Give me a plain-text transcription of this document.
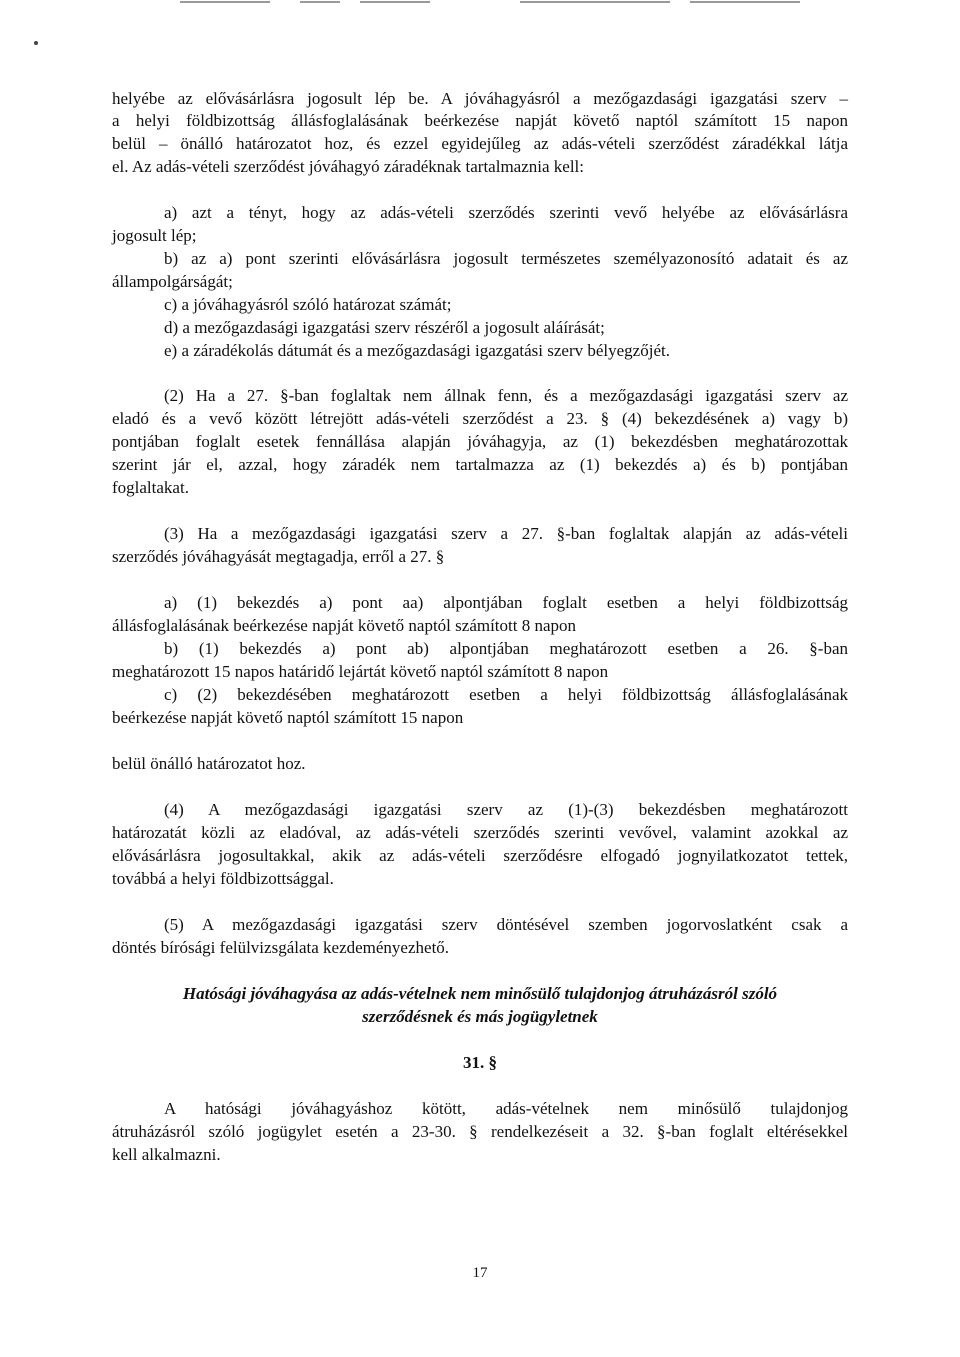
helyébe az elővásárlásra jogosult lép be. A jóváhagyásról a mezőgazdasági igazgatási szerv –
a helyi földbizottság állásfoglalásának beérkezése napját követő naptól számított 15 napon
belül – önálló határozatot hoz, és ezzel egyidejűleg az adás-vételi szerződést záradékkal látja
el. Az adás-vételi szerződést jóváhagyó záradéknak tartalmaznia kell:
a) azt a tényt, hogy az adás-vételi szerződés szerinti vevő helyébe az elővásárlásra
jogosult lép;
b) az a) pont szerinti elővásárlásra jogosult természetes személyazonosító adatait és az
állampolgárságát;
c) a jóváhagyásról szóló határozat számát;
d) a mezőgazdasági igazgatási szerv részéről a jogosult aláírását;
e) a záradékolás dátumát és a mezőgazdasági igazgatási szerv bélyegzőjét.
(2) Ha a 27. §-ban foglaltak nem állnak fenn, és a mezőgazdasági igazgatási szerv az
eladó és a vevő között létrejött adás-vételi szerződést a 23. § (4) bekezdésének a) vagy b)
pontjában foglalt esetek fennállása alapján jóváhagyja, az (1) bekezdésben meghatározottak
szerint jár el, azzal, hogy záradék nem tartalmazza az (1) bekezdés a) és b) pontjában
foglaltakat.
(3) Ha a mezőgazdasági igazgatási szerv a 27. §-ban foglaltak alapján az adás-vételi
szerződés jóváhagyását megtagadja, erről a 27. §
a) (1) bekezdés a) pont aa) alpontjában foglalt esetben a helyi földbizottság
állásfoglalásának beérkezése napját követő naptól számított 8 napon
b) (1) bekezdés a) pont ab) alpontjában meghatározott esetben a 26. §-ban
meghatározott 15 napos határidő lejártát követő naptól számított 8 napon
c) (2) bekezdésében meghatározott esetben a helyi földbizottság állásfoglalásának
beérkezése napját követő naptól számított 15 napon
belül önálló határozatot hoz.
(4) A mezőgazdasági igazgatási szerv az (1)-(3) bekezdésben meghatározott
határozatát közli az eladóval, az adás-vételi szerződés szerinti vevővel, valamint azokkal az
elővásárlásra jogosultakkal, akik az adás-vételi szerződésre elfogadó jognyilatkozatot tettek,
továbbá a helyi földbizottsággal.
(5) A mezőgazdasági igazgatási szerv döntésével szemben jogorvoslatként csak a
döntés bírósági felülvizsgálata kezdeményezhető.
Hatósági jóváhagyása az adás-vételnek nem minősülő tulajdonjog átruházásról szóló
szerződésnek és más jogügyletnek
31. §
A hatósági jóváhagyáshoz kötött, adás-vételnek nem minősülő tulajdonjog
átruházásról szóló jogügylet esetén a 23-30. § rendelkezéseit a 32. §-ban foglalt eltérésekkel
kell alkalmazni.
17
